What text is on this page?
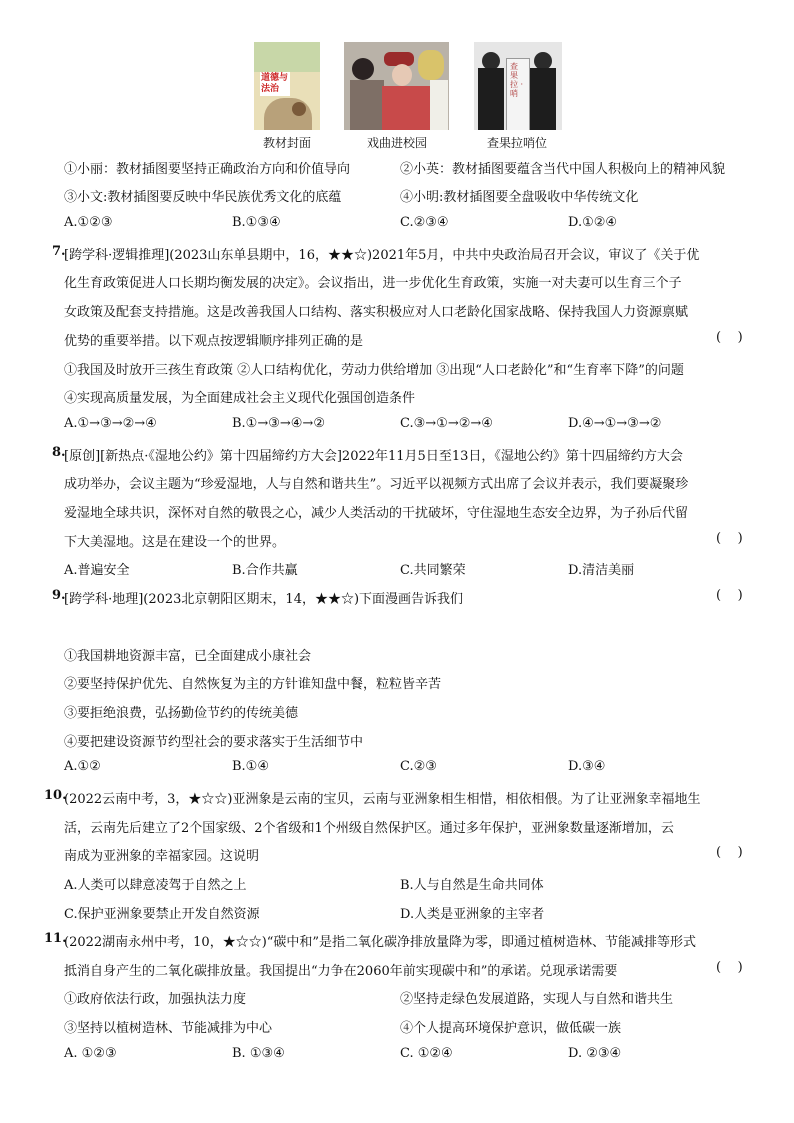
道德与法治
查果拉 · 哨
教材封面	戏曲进校园	查果拉哨位
①小丽：教材插图要坚持正确政治方向和价值导向	②小英：教材插图要蕴含当代中国人积极向上的精神风貌
③小文:教材插图要反映中华民族优秀文化的底蕴	④小明:教材插图要全盘吸收中华传统文化
A.①②③	B.①③④	C.②③④	D.①②④
7.
[跨学科·逻辑推理](2023山东单县期中，16，★★☆)2021年5月，中共中央政治局召开会议，审议了《关于优
化生育政策促进人口长期均衡发展的决定》。会议指出，进一步优化生育政策，实施一对夫妻可以生育三个子
女政策及配套支持措施。这是改善我国人口结构、落实积极应对人口老龄化国家战略、保持我国人力资源禀赋
优势的重要举措。以下观点按逻辑顺序排列正确的是	(    )
①我国及时放开三孩生育政策 ②人口结构优化，劳动力供给增加 ③出现“人口老龄化”和“生育率下降”的问题
④实现高质量发展，为全面建成社会主义现代化强国创造条件
A.①→③→②→④	B.①→③→④→②	C.③→①→②→④	D.④→①→③→②
8.
[原创][新热点·《湿地公约》第十四届缔约方大会]2022年11月5日至13日，《湿地公约》第十四届缔约方大会
成功举办，会议主题为“珍爱湿地，人与自然和谐共生”。习近平以视频方式出席了会议并表示，我们要凝聚珍
爱湿地全球共识，深怀对自然的敬畏之心，减少人类活动的干扰破坏，守住湿地生态安全边界，为子孙后代留
下大美湿地。这是在建设一个的世界。	(    )
A.普遍安全	B.合作共赢	C.共同繁荣	D.清洁美丽
9.
[跨学科·地理](2023北京朝阳区期末，14，★★☆)下面漫画告诉我们	(    )
①我国耕地资源丰富，已全面建成小康社会
②要坚持保护优先、自然恢复为主的方针谁知盘中餐，粒粒皆辛苦
③要拒绝浪费，弘扬勤俭节约的传统美德
④要把建设资源节约型社会的要求落实于生活细节中
A.①②	B.①④	C.②③	D.③④
10.
(2022云南中考，3，★☆☆)亚洲象是云南的宝贝，云南与亚洲象相生相惜，相依相偎。为了让亚洲象幸福地生
活，云南先后建立了2个国家级、2个省级和1个州级自然保护区。通过多年保护，亚洲象数量逐渐增加，云
南成为亚洲象的幸福家园。这说明	(    )
A.人类可以肆意凌驾于自然之上	B.人与自然是生命共同体
C.保护亚洲象要禁止开发自然资源	D.人类是亚洲象的主宰者
11.
(2022湖南永州中考，10，★☆☆)“碳中和”是指二氧化碳净排放量降为零，即通过植树造林、节能减排等形式
抵消自身产生的二氧化碳排放量。我国提出“力争在2060年前实现碳中和”的承诺。兑现承诺需要	(    )
①政府依法行政，加强执法力度	②坚持走绿色发展道路，实现人与自然和谐共生
③坚持以植树造林、节能减排为中心	④个人提高环境保护意识，做低碳一族
A. ①②③	B. ①③④	C. ①②④	D. ②③④
